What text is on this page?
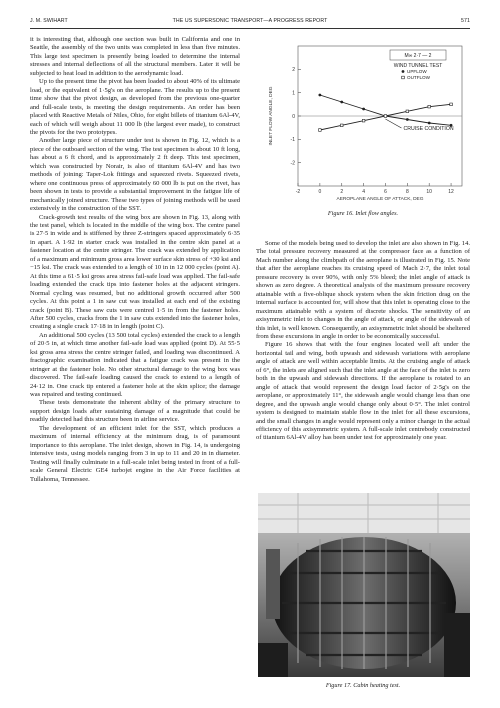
J. M. SWIHART	THE US SUPERSONIC TRANSPORT—A PROGRESS REPORT	571

it is interesting that, although one section was built in California and one in Seattle, the assembly of the two units was completed in less than five minutes. This large test specimen is presently being loaded to determine the internal stresses and internal deflections of all the structural members. Later it will be subjected to heat load in addition to the aerodynamic load.

Up to the present time the pivot has been loaded to about 40% of its ultimate load, or the equivalent of 1·5g's on the aeroplane. The results up to the present time show that the pivot design, as developed from the previous one-quarter and full-scale tests, is meeting the design requirements. An order has been placed with Reactive Metals of Niles, Ohio, for eight billets of titanium 6Al-4V, each of which will weigh about 11 000 lb (the largest ever made), to construct the pivots for the two prototypes.

Another large piece of structure under test is shown in Fig. 12, which is a piece of the outboard section of the wing. The test specimen is about 10 ft long, has about a 6 ft chord, and is approximately 2 ft deep. This test specimen, which was constructed by Norair, is also of titanium 6Al-4V and has two methods of joining: Taper-Lok fittings and squeezed rivets. Squeezed rivets, where one continuous press of approximately 60 000 lb is put on the rivet, has been shown in tests to provide a substantial improvement in the fatigue life of mechanically joined structure. These two types of joining methods will be used extensively in the construction of the SST.

Crack-growth test results of the wing box are shown in Fig. 13, along with the test panel, which is located in the middle of the wing box. The centre panel is 27·5 in wide and is stiffened by three Z-stringers spaced approximately 6·35 in apart. A 1·92 in starter crack was installed in the centre skin panel at a fastener location at the centre stringer. The crack was extended by application of a maximum and minimum gross area lower surface skin stress of +30 ksi and −15 ksi. The crack was extended to a length of 10 in in 12 000 cycles (point A). At this time a 61·5 ksi gross area stress fail-safe load was applied. The fail-safe loading extended the crack tips into fastener holes at the adjacent stringers. Normal cycling was resumed, but no additional growth occurred after 500 cycles. At this point a 1 in saw cut was installed at each end of the existing crack (point B). These saw cuts were centred 1·5 in from the fastener holes. After 500 cycles, cracks from the 1 in saw cuts extended into the fastener holes, creating a single crack 17·18 in in length (point C).

An additional 500 cycles (13 500 total cycles) extended the crack to a length of 20·5 in, at which time another fail-safe load was applied (point D). At 55·5 ksi gross area stress the centre stringer failed, and loading was discontinued. A fractographic examination indicated that a fatigue crack was present in the stringer at the fastener hole. No other structural damage to the wing box was discovered. The fail-safe loading caused the crack to extend to a length of 24·12 in. One crack tip entered a fastener hole at the skin splice; the damage was repaired and testing continued.

These tests demonstrate the inherent ability of the primary structure to support design loads after sustaining damage of a magnitude that could be readily detected had this structure been in airline service.

The development of an efficient inlet for the SST, which produces a maximum of internal efficiency at the minimum drag, is of paramount importance to this aeroplane. The inlet design, shown in Fig. 14, is undergoing intensive tests, using models ranging from 3 in up to 11 and 20 in in diameter. Testing will finally culminate in a full-scale inlet being tested in front of a full-scale General Electric GE4 turbojet engine in the Air Force facilities at Tullahoma, Tennessee.

2
1
0
-1
-2
-2	0	2	4	6	8	10	12
AEROPLANE ANGLE OF ATTACK, DEG
INLET FLOW ANGLE, DEG
M∞ 2·7 — 2
WIND TUNNEL TEST
UPFLOW
OUTFLOW
CRUISE CONDITION
Figure 16. Inlet flow angles.

Some of the models being used to develop the inlet are also shown in Fig. 14. The total pressure recovery measured at the compressor face as a function of Mach number along the climbpath of the aeroplane is illustrated in Fig. 15. Note that after the aeroplane reaches its cruising speed of Mach 2·7, the inlet total pressure recovery is over 90%, with only 5% bleed; the inlet angle of attack is shown as zero degree. A theoretical analysis of the maximum pressure recovery attainable with a five-oblique shock system when the skin friction drag on the internal surface is accounted for, will show that this inlet is operating close to the maximum attainable with a system of discrete shocks. The sensitivity of an axisymmetric inlet to changes in the angle of attack, or angle of the sidewash of this inlet, is well known. Consequently, an axisymmetric inlet should be sheltered from these excursions in angle in order to be economically successful.

Figure 16 shows that with the four engines located well aft under the horizontal tail and wing, both upwash and sidewash variations with aeroplane angle of attack are well within acceptable limits. At the cruising angle of attack of 6°, the inlets are aligned such that the inlet angle at the face of the inlet is zero both in the upwash and sidewash directions. If the aeroplane is rotated to an angle of attack that would represent the design load factor of 2·5g's on the aeroplane, or approximately 11°, the sidewash angle would change less than one degree, and the upwash angle would change only about 0·5°. The inlet control system is designed to maintain stable flow in the inlet for all these excursions, and the small changes in angle would represent only a minor change in the actual efficiency of this axisymmetric system. A full-scale inlet centrebody constructed of titanium 6Al-4V alloy has been under test for approximately one year.

Figure 17. Cabin heating test.
